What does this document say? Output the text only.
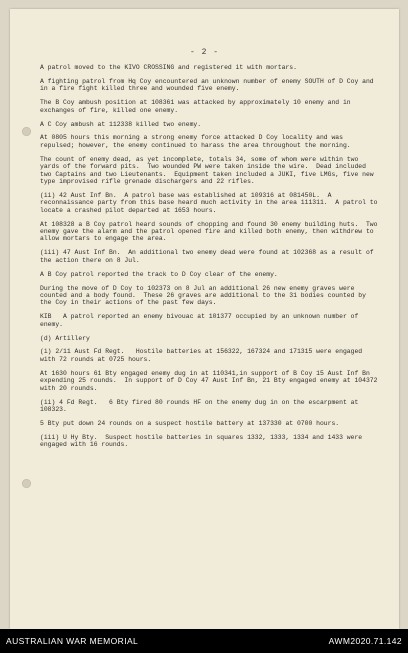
- 2 -

A patrol moved to the KIVO CROSSING and registered it with mortars.

A fighting patrol from Hq Coy encountered an unknown number of enemy SOUTH of D Coy and in a fire fight killed three and wounded five enemy.

The B Coy ambush position at 108361 was attacked by approximately 10 enemy and in exchanges of fire, killed one enemy.

A C Coy ambush at 112338 killed two enemy.

At 0805 hours this morning a strong enemy force attacked D Coy locality and was repulsed; however, the enemy continued to harass the area throughout the morning.

The count of enemy dead, as yet incomplete, totals 34, some of whom were within two yards of the forward pits.  Two wounded PW were taken inside the wire.  Dead included two Captains and two Lieutenants.  Equipment taken included a JUKI, five LMGs, five new type improvised rifle grenade dischargers and 22 rifles.

(ii) 42 Aust Inf Bn.  A patrol base was established at 109316 at 081450L.  A reconnaissance party from this base heard much activity in the area 111311.  A patrol to locate a crashed pilot departed at 1653 hours.

At 108328 a B Coy patrol heard sounds of chopping and found 30 enemy building huts.  Two enemy gave the alarm and the patrol opened fire and killed both enemy, then withdrew to allow mortars to engage the area.

(iii) 47 Aust Inf Bn.  An additional two enemy dead were found at 102368 as a result of the action there on 8 Jul.

A B Coy patrol reported the track to D Coy clear of the enemy.

During the move of D Coy to 102373 on 8 Jul an additional 26 new enemy graves were counted and a body found.  These 26 graves are additional to the 31 bodies counted by the Coy in their actions of the past few days.

KIB   A patrol reported an enemy bivouac at 101377 occupied by an unknown number of enemy.

(d) Artillery

(i) 2/11 Aust Fd Regt.   Hostile batteries at 156322, 167324 and 171315 were engaged with 72 rounds at 0725 hours.

At 1630 hours 61 Bty engaged enemy dug in at 110341,in support of B Coy 15 Aust Inf Bn expending 25 rounds.  In support of D Coy 47 Aust Inf Bn, 21 Bty engaged enemy at 104372 with 20 rounds.

(ii) 4 Fd Regt.   6 Bty fired 80 rounds HF on the enemy dug in on the escarpment at 108323.

5 Bty put down 24 rounds on a suspect hostile battery at 137330 at 0700 hours.

(iii) U Hy Bty.  Suspect hostile batteries in squares 1332, 1333, 1334 and 1433 were engaged with 16 rounds.

AUSTRALIAN WAR MEMORIAL	AWM2020.71.142
